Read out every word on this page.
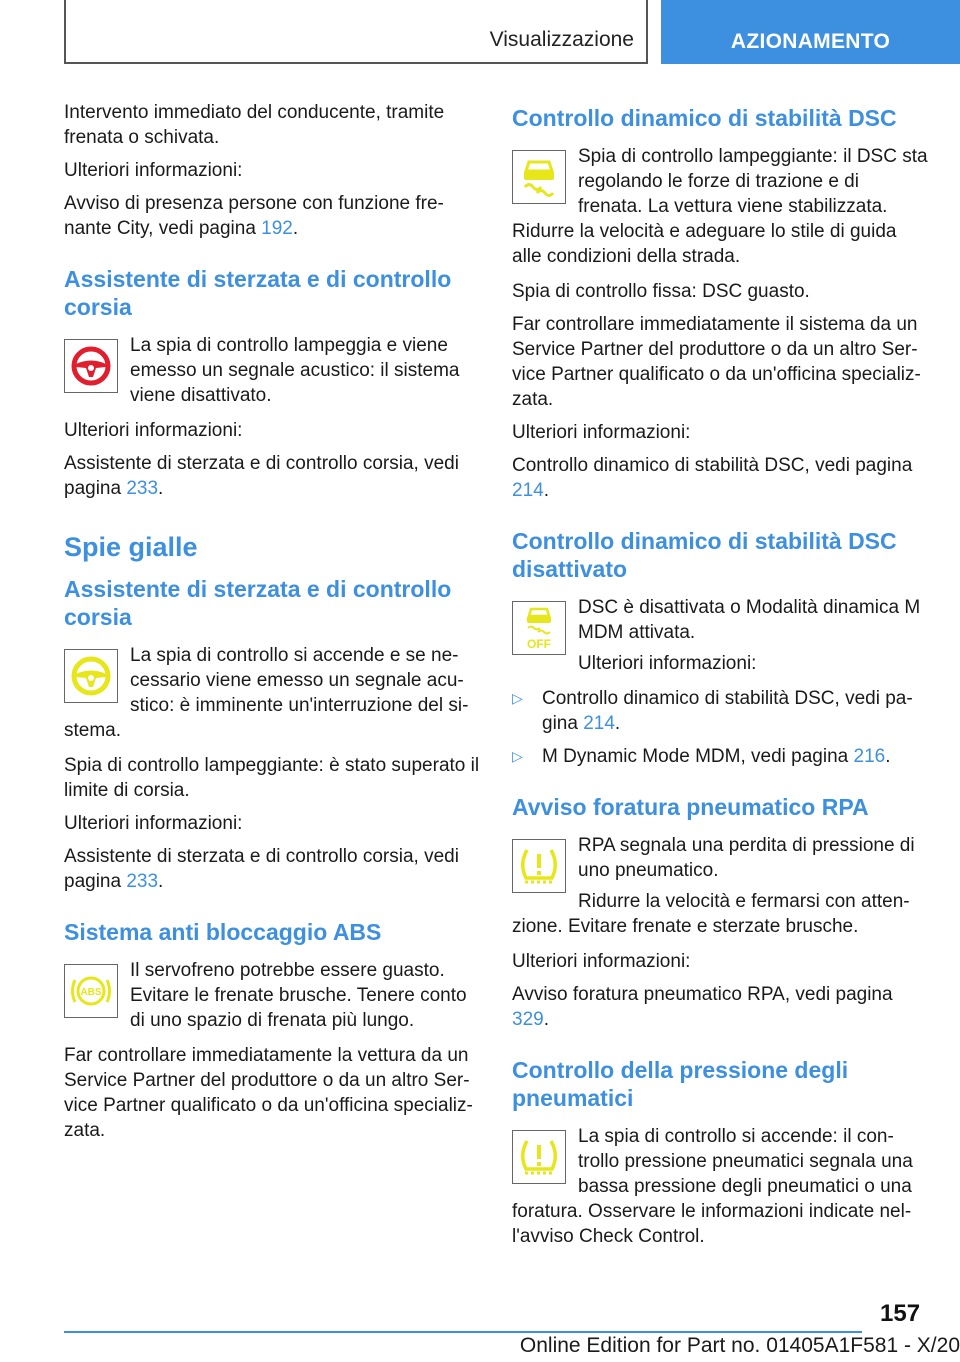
Visualizzazione	AZIONAMENTO

Intervento immediato del conducente, tramite frenata o schivata.

Ulteriori informazioni:

Avviso di presenza persone con funzione frenante City, vedi pagina 192.

Assistente di sterzata e di controllo corsia

La spia di controllo lampeggia e viene emesso un segnale acustico: il sistema viene disattivato.

Ulteriori informazioni:

Assistente di sterzata e di controllo corsia, vedi pagina 233.

Spie gialle
Assistente di sterzata e di controllo corsia

La spia di controllo si accende e se necessario viene emesso un segnale acustico: è imminente un'interruzione del sistema.

Spia di controllo lampeggiante: è stato superato il limite di corsia.

Ulteriori informazioni:

Assistente di sterzata e di controllo corsia, vedi pagina 233.

Sistema anti bloccaggio ABS
ABS

Il servofreno potrebbe essere guasto. Evitare le frenate brusche. Tenere conto di uno spazio di frenata più lungo.

Far controllare immediatamente la vettura da un Service Partner del produttore o da un altro Service Partner qualificato o da un'officina specializzata.

Controllo dinamico di stabilità DSC

Spia di controllo lampeggiante: il DSC sta regolando le forze di trazione e di frenata. La vettura viene stabilizzata. Ridurre la velocità e adeguare lo stile di guida alle condizioni della strada.

Spia di controllo fissa: DSC guasto.

Far controllare immediatamente il sistema da un Service Partner del produttore o da un altro Service Partner qualificato o da un'officina specializzata.

Ulteriori informazioni:

Controllo dinamico di stabilità DSC, vedi pagina 214.

Controllo dinamico di stabilità DSC disattivato
OFF

DSC è disattivata o Modalità dinamica M MDM attivata.

Ulteriori informazioni:

▷ Controllo dinamico di stabilità DSC, vedi pagina 214.
▷ M Dynamic Mode MDM, vedi pagina 216.
Avviso foratura pneumatico RPA

RPA segnala una perdita di pressione di uno pneumatico.

Ridurre la velocità e fermarsi con attenzione. Evitare frenate e sterzate brusche.

Ulteriori informazioni:

Avviso foratura pneumatico RPA, vedi pagina 329.

Controllo della pressione degli pneumatici

La spia di controllo si accende: il controllo pressione pneumatici segnala una bassa pressione degli pneumatici o una foratura. Osservare le informazioni indicate nell'avviso Check Control.

157
Online Edition for Part no. 01405A1F581 - X/20
